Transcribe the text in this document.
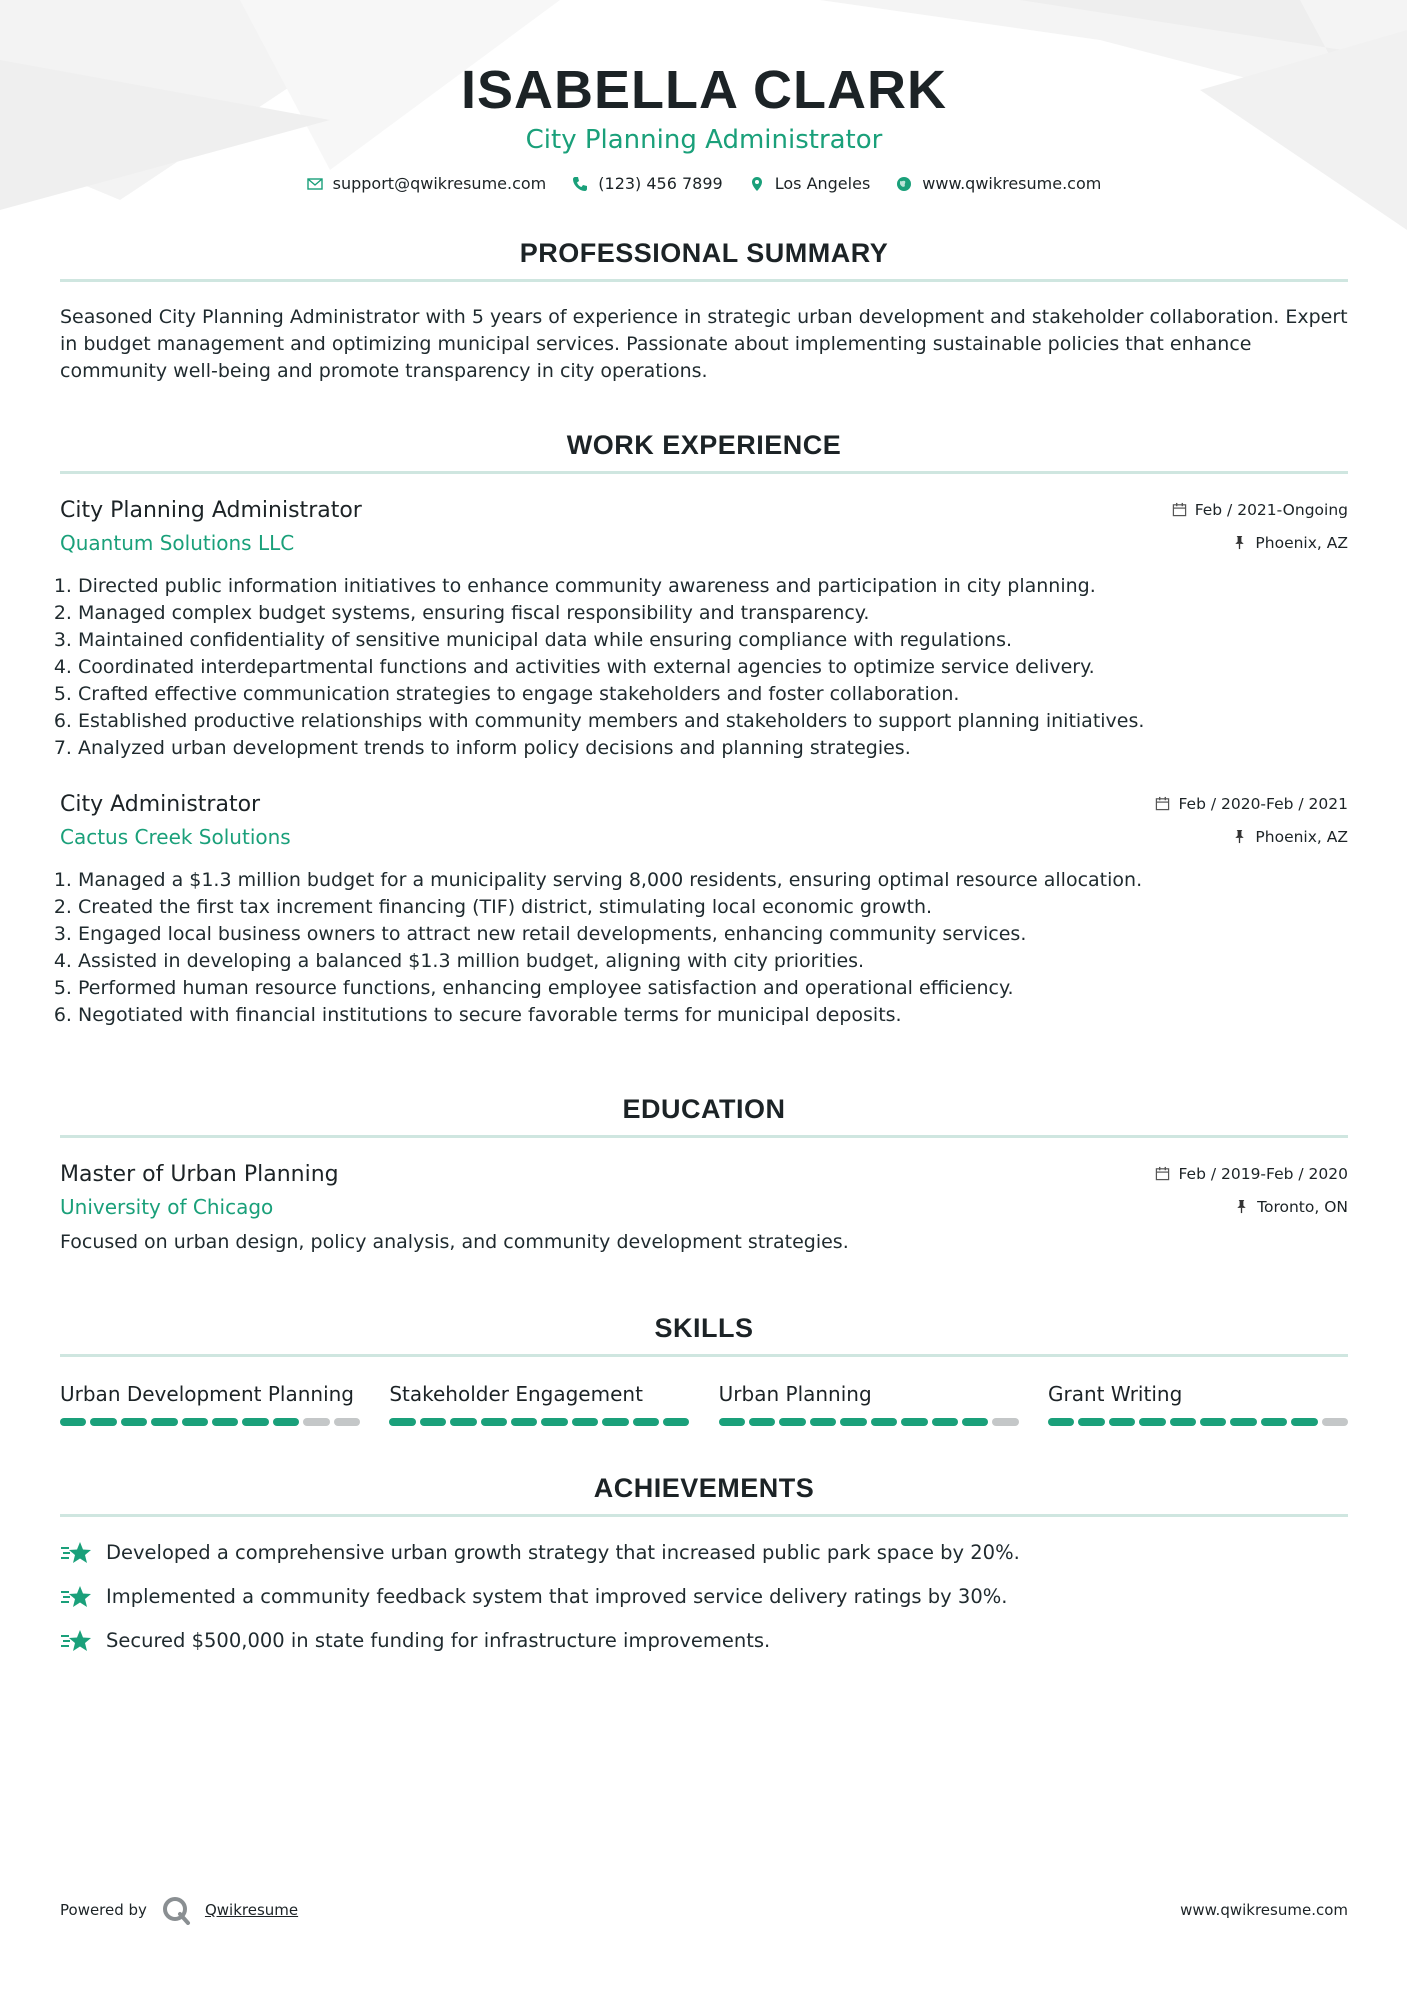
ISABELLA CLARK
City Planning Administrator
support@qwikresume.com	(123) 456 7899	Los Angeles	www.qwikresume.com
PROFESSIONAL SUMMARY
Seasoned City Planning Administrator with 5 years of experience in strategic urban development and stakeholder collaboration. Expert in budget management and optimizing municipal services. Passionate about implementing sustainable policies that enhance community well-being and promote transparency in city operations.
WORK EXPERIENCE
City Planning Administrator	Feb / 2021-Ongoing
Quantum Solutions LLC	Phoenix, AZ
1. Directed public information initiatives to enhance community awareness and participation in city planning.
2. Managed complex budget systems, ensuring fiscal responsibility and transparency.
3. Maintained confidentiality of sensitive municipal data while ensuring compliance with regulations.
4. Coordinated interdepartmental functions and activities with external agencies to optimize service delivery.
5. Crafted effective communication strategies to engage stakeholders and foster collaboration.
6. Established productive relationships with community members and stakeholders to support planning initiatives.
7. Analyzed urban development trends to inform policy decisions and planning strategies.
City Administrator	Feb / 2020-Feb / 2021
Cactus Creek Solutions	Phoenix, AZ
1. Managed a $1.3 million budget for a municipality serving 8,000 residents, ensuring optimal resource allocation.
2. Created the first tax increment financing (TIF) district, stimulating local economic growth.
3. Engaged local business owners to attract new retail developments, enhancing community services.
4. Assisted in developing a balanced $1.3 million budget, aligning with city priorities.
5. Performed human resource functions, enhancing employee satisfaction and operational efficiency.
6. Negotiated with financial institutions to secure favorable terms for municipal deposits.
EDUCATION
Master of Urban Planning	Feb / 2019-Feb / 2020
University of Chicago	Toronto, ON
Focused on urban design, policy analysis, and community development strategies.
SKILLS
Urban Development Planning	Stakeholder Engagement	Urban Planning	Grant Writing
ACHIEVEMENTS
Developed a comprehensive urban growth strategy that increased public park space by 20%.
Implemented a community feedback system that improved service delivery ratings by 30%.
Secured $500,000 in state funding for infrastructure improvements.
Powered by	Qwikresume	www.qwikresume.com
